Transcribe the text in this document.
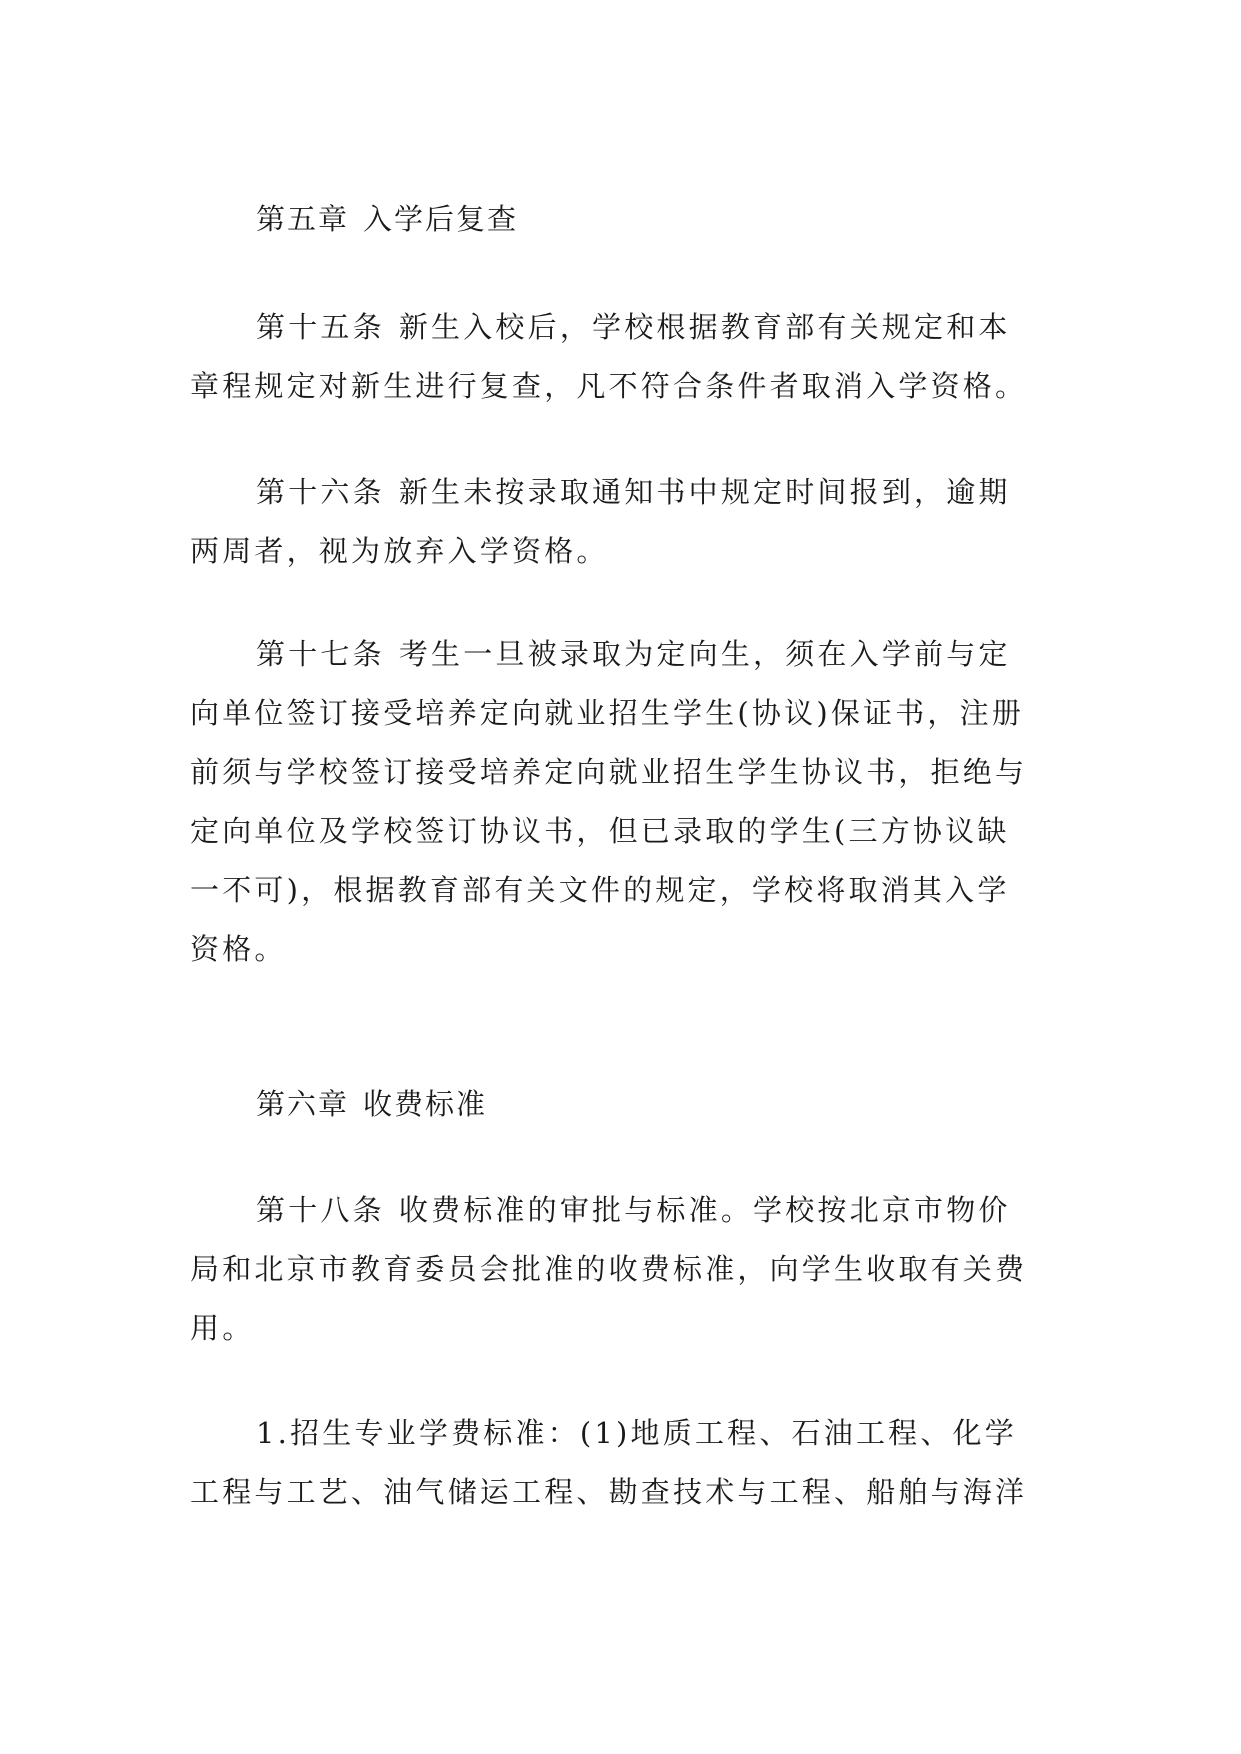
第五章 入学后复查

第十五条 新生入校后，学校根据教育部有关规定和本
章程规定对新生进行复查，凡不符合条件者取消入学资格。

第十六条 新生未按录取通知书中规定时间报到，逾期
两周者，视为放弃入学资格。

第十七条 考生一旦被录取为定向生，须在入学前与定
向单位签订接受培养定向就业招生学生(协议)保证书，注册
前须与学校签订接受培养定向就业招生学生协议书，拒绝与
定向单位及学校签订协议书，但已录取的学生(三方协议缺
一不可)，根据教育部有关文件的规定，学校将取消其入学
资格。

第六章 收费标准

第十八条 收费标准的审批与标准。学校按北京市物价
局和北京市教育委员会批准的收费标准，向学生收取有关费
用。

1.招生专业学费标准：(1)地质工程、石油工程、化学
工程与工艺、油气储运工程、勘查技术与工程、船舶与海洋
